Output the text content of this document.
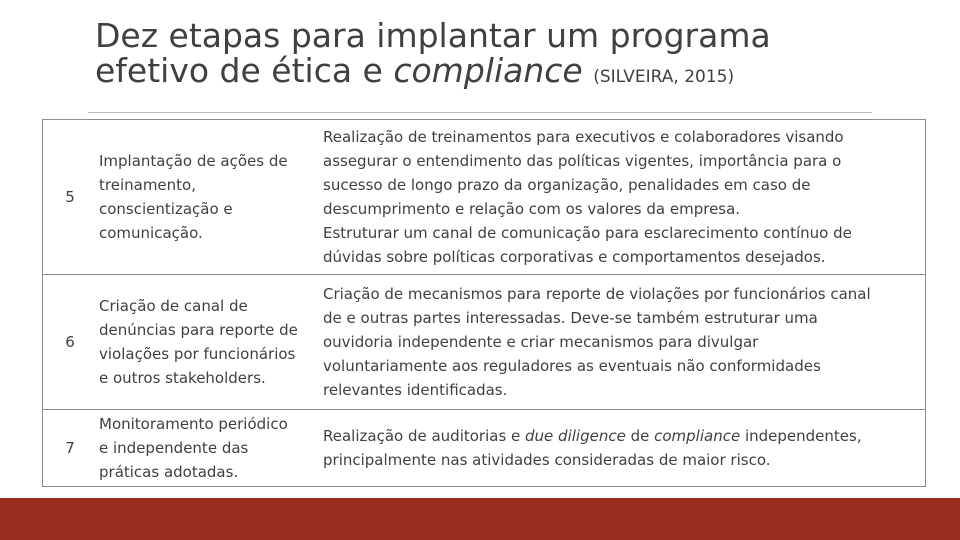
Dez etapas para implantar um programa
efetivo de ética e compliance (SILVEIRA, 2015)
5
Implantação de ações de
treinamento,
conscientização e
comunicação.
Realização de treinamentos para executivos e colaboradores visando
assegurar o entendimento das políticas vigentes, importância para o
sucesso de longo prazo da organização, penalidades em caso de
descumprimento e relação com os valores da empresa.
Estruturar um canal de comunicação para esclarecimento contínuo de
dúvidas sobre políticas corporativas e comportamentos desejados.
6
Criação de canal de
denúncias para reporte de
violações por funcionários
e outros stakeholders.
Criação de mecanismos para reporte de violações por funcionários canal
de e outras partes interessadas. Deve-se também estruturar uma
ouvidoria independente e criar mecanismos para divulgar
voluntariamente aos reguladores as eventuais não conformidades
relevantes identificadas.
7
Monitoramento periódico
e independente das
práticas adotadas.
Realização de auditorias e due diligence de compliance independentes,
principalmente nas atividades consideradas de maior risco.
